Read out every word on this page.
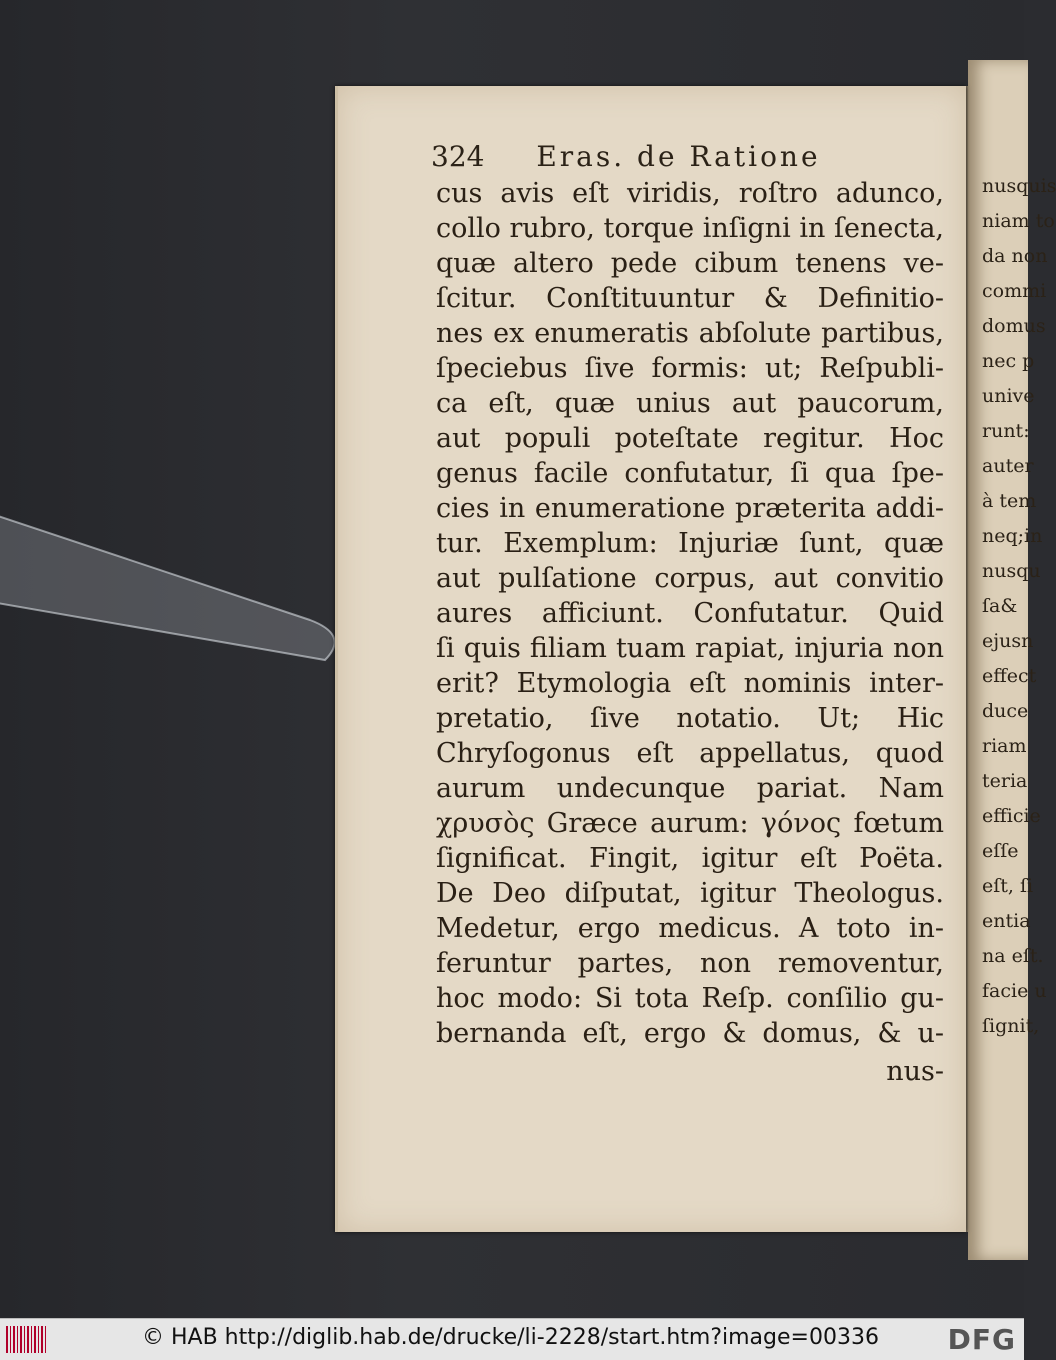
nusquis
niam to
da non
commi
domus
nec p
unive
runt:
auter
à tem
neq;in
nusqu
ſa&
ejusn
effect
duce
riam
teria
efficie
eſſe
eſt, ſi
entia
na eſt.
facie u
ſignit,
324 Eras. de Ratione
cus avis eſt viridis, roſtro adunco,
collo rubro, torque inſigni in ſenecta,
quæ altero pede cibum tenens ve-
ſcitur. Conſtituuntur & Definitio-
nes ex enumeratis abſolute partibus,
ſpeciebus ſive formis: ut; Reſpubli-
ca eſt, quæ unius aut paucorum,
aut populi poteſtate regitur. Hoc
genus facile confutatur, ſi qua ſpe-
cies in enumeratione præterita addi-
tur. Exemplum: Injuriæ ſunt, quæ
aut pulſatione corpus, aut convitio
aures afficiunt. Confutatur. Quid
ſi quis filiam tuam rapiat, injuria non
erit? Etymologia eſt nominis inter-
pretatio, ſive notatio. Ut; Hic
Chryſogonus eſt appellatus, quod
aurum undecunque pariat. Nam
χρυσὸς Græce aurum: γόνος fœtum
ſignificat. Fingit, igitur eſt Poëta.
De Deo diſputat, igitur Theologus.
Medetur, ergo medicus. A toto in-
feruntur partes, non removentur,
hoc modo: Si tota Reſp. conſilio gu-
bernanda eſt, ergo & domus, & u-
nus-
© HAB http://diglib.hab.de/drucke/li-2228/start.htm?image=00336 DFG
